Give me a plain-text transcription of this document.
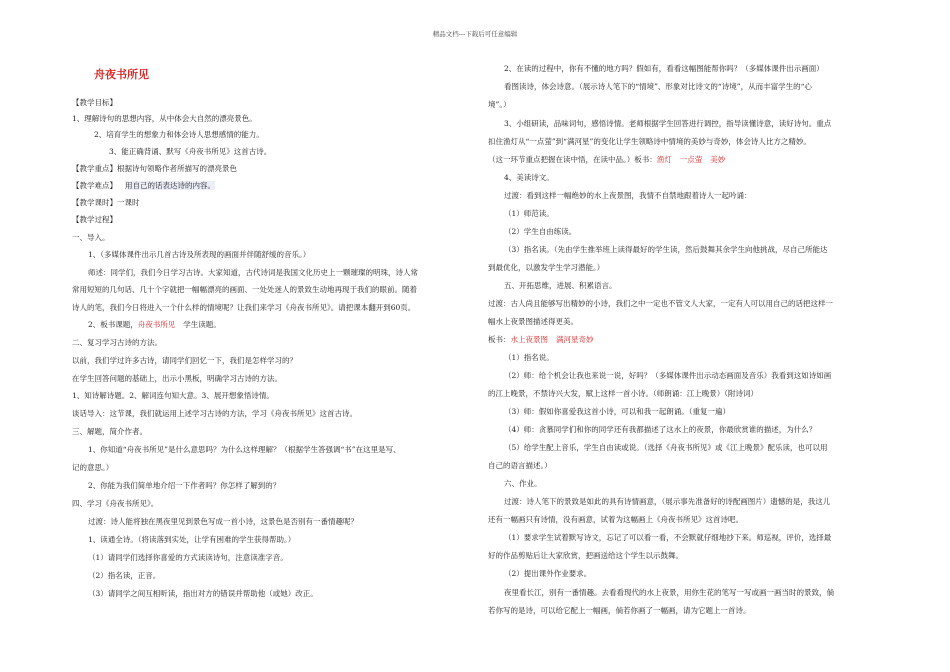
精品文档---下载后可任意编辑
舟夜书所见
【教学目标】
1、理解诗句的思想内容，从中体会大自然的漂亮景色。
2、培育学生的想象力和体会诗人思想感情的能力。
3、能正确背诵、默写《舟夜书所见》这首古诗。
【教学重点】根据诗句领略作者所描写的漂亮景色
【教学难点】 用自己的话表达诗的内容。
【教学课时】一课时
【教学过程】
一、导入。
1、（多媒体课件出示几首古诗及所表现的画面并伴随舒缓的音乐。）
师述：同学们，我们今日学习古诗。大家知道，古代诗词是我国文化历史上一颗璀璨的明珠，诗人常
常用短短的几句话、几十个字就把一幅幅漂亮的画面、一处处迷人的景致生动地再现于我们的眼前。随着
诗人的笔，我们今日将进入一个什么样的情境呢？让我们来学习《舟夜书所见》。请把课本翻开到60页。
2、板书课题，舟夜书所见 学生读题。
二、复习学习古诗的方法。
以前，我们学过许多古诗，请同学们回忆一下，我们是怎样学习的？
在学生回答问题的基础上，出示小黑板，明确学习古诗的方法。
1、知诗解诗题。2、解词连句知大意。3、展开想象悟诗情。
谈话导入：这节课，我们就运用上述学习古诗的方法，学习《舟夜书所见》这首古诗。
三、解题，简介作者。
1、你知道“舟夜书所见”是什么意思吗？为什么这样理解？（根据学生答强调“书”在这里是写、
记的意思。）
2、你能为我们简单地介绍一下作者吗？你怎样了解到的？
四、学习《舟夜书所见》。
过渡：诗人能将独在黑夜里见到景色写成一首小诗，这景色是否别有一番情趣呢？
1、读通全诗。（将读落到实处，让学有困难的学生获得帮助。）
（1）请同学们选择你喜爱的方式读读诗句，注意读准字音。
（2）指名读，正音。
（3）请同学之间互相听读，指出对方的错误并帮助他（或她）改正。
2、在读的过程中，你有不懂的地方吗？假如有，看看这幅图能帮你吗？（多媒体课件出示画面）
看图读诗，体会诗意。（展示诗人笔下的“情境”、形象对比诗文的“诗境”，从而丰富学生的“心
境”。）
3、小组研读，品味词句，感悟诗情。老师根据学生回答进行调控，指导读懂诗意，读好诗句。重点
扣住渔灯从“一点萤”到“满河星”的变化让学生领略诗中情境的美妙与奇妙，体会诗人比方之精妙。
（这一环节重点把握在读中悟，在读中品。）板书：渔灯 一点萤 美妙
4、美读诗文。
过渡：看到这样一幅绝妙的水上夜景图，我情不自禁地跟着诗人一起吟诵：
（1）师范读。
（2）学生自由练读。
（3）指名读。（先由学生推举班上读得最好的学生读，然后鼓舞其余学生向他挑战，尽自己所能达
到最优化，以激发学生学习潜能。）
五、开拓思维，进展、积累语言。
过渡：古人尚且能够写出精妙的小诗，我们之中一定也不管文人大家，一定有人可以用自己的话把这样一
幅水上夜景图描述得更美。
板书：水上夜景图 满河星奇妙
（1）指名说。
（2）师：给个机会让我也来说一说，好吗？（多媒体课件出示动态画面及音乐）我看到这如诗如画
的江上晚景，不禁诗兴大发，赋上这样一首小诗。（师朗诵：江上晚景）（附诗词）
（3）师：假如你喜爱我这首小诗，可以和我一起朗诵。（重复一遍）
（4）师：贪慕同学们和你的同学还有我都描述了这水上的夜景，你最欣赏谁的描述，为什么？
（5）给学生配上音乐，学生自由读或说。（选择《舟夜书所见》或《江上晚景》配乐读，也可以用
自己的语言描述。）
六、作业。
过渡：诗人笔下的景致是如此的具有诗情画意，（展示事先准备好的诗配画图片）遗憾的是，我这儿
还有一幅画只有诗情，没有画意，试着为这幅画上《舟夜书所见》这首诗吧。
（1）要求学生试着默写诗文，忘记了可以看一看，不会默就仔细地抄下来。师巡视，评价，选择最
好的作品剪贴后让大家欣赏，把画送给这个学生以示鼓舞。
（2）提出课外作业要求。
夜里看长江，别有一番情趣。去看看现代的水上夜景，用你生花的笔写一写或画一画当时的景致，倘
若你写的是诗，可以给它配上一幅画，倘若你画了一幅画，请为它题上一首诗。
